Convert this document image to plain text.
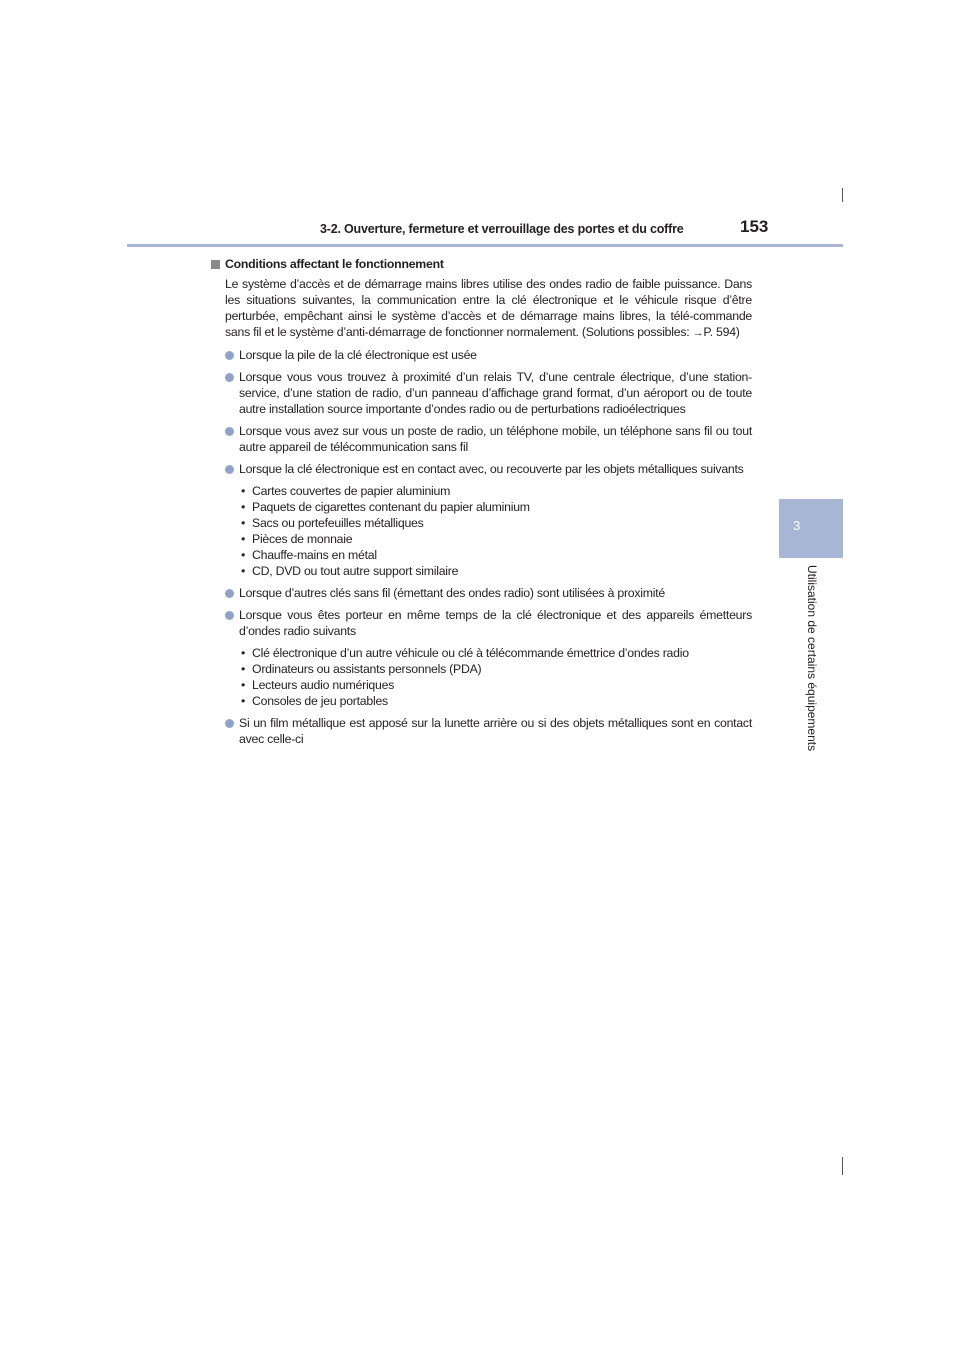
3-2. Ouverture, fermeture et verrouillage des portes et du coffre	153
3
Utilisation de certains équipements
Conditions affectant le fonctionnement
Le système d’accès et de démarrage mains libres utilise des ondes radio de faible puissance. Dans les situations suivantes, la communication entre la clé électronique et le véhicule risque d’être perturbée, empêchant ainsi le système d’accès et de démarrage mains libres, la télé-commande sans fil et le système d’anti-démarrage de fonctionner normalement. (Solutions possibles: →P. 594)
Lorsque la pile de la clé électronique est usée
Lorsque vous vous trouvez à proximité d’un relais TV, d’une centrale électrique, d’une station-service, d’une station de radio, d’un panneau d’affichage grand format, d’un aéroport ou de toute autre installation source importante d’ondes radio ou de perturbations radioélectriques
Lorsque vous avez sur vous un poste de radio, un téléphone mobile, un téléphone sans fil ou tout autre appareil de télécommunication sans fil
Lorsque la clé électronique est en contact avec, ou recouverte par les objets métalliques suivants
• Cartes couvertes de papier aluminium
• Paquets de cigarettes contenant du papier aluminium
• Sacs ou portefeuilles métalliques
• Pièces de monnaie
• Chauffe-mains en métal
• CD, DVD ou tout autre support similaire
Lorsque d’autres clés sans fil (émettant des ondes radio) sont utilisées à proximité
Lorsque vous êtes porteur en même temps de la clé électronique et des appareils émetteurs d’ondes radio suivants
• Clé électronique d’un autre véhicule ou clé à télécommande émettrice d’ondes radio
• Ordinateurs ou assistants personnels (PDA)
• Lecteurs audio numériques
• Consoles de jeu portables
Si un film métallique est apposé sur la lunette arrière ou si des objets métalliques sont en contact avec celle-ci
